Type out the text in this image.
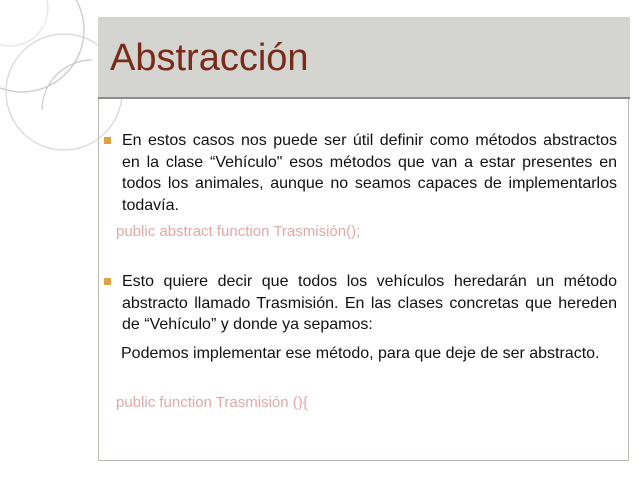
Abstracción
En estos casos nos puede ser útil definir como métodos abstractos en la clase “Vehículo" esos métodos que van a estar presentes en todos los animales, aunque no seamos capaces de implementarlos todavía.
public abstract function Trasmisión();
Esto quiere decir que todos los vehículos heredarán un método abstracto llamado Trasmisión. En las clases concretas que hereden de “Vehículo” y donde ya sepamos:
Podemos implementar ese método, para que deje de ser abstracto.
public function Trasmisión (){
